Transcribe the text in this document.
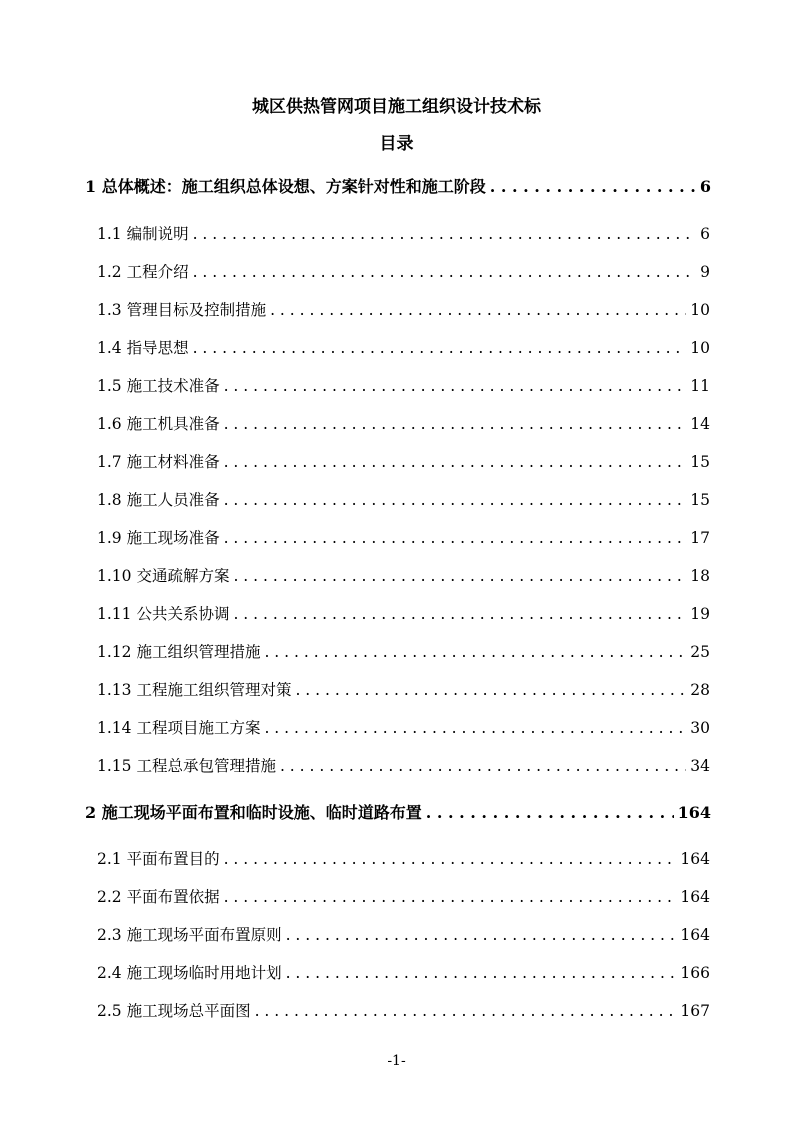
城区供热管网项目施工组织设计技术标
目录
1 总体概述：施工组织总体设想、方案针对性和施工阶段 . . .	6
1.1 编制说明 . . .	6
1.2 工程介绍 . . .	9
1.3 管理目标及控制措施 . . .	10
1.4 指导思想 . . .	10
1.5 施工技术准备 . . .	11
1.6 施工机具准备 . . .	14
1.7 施工材料准备 . . .	15
1.8 施工人员准备 . . .	15
1.9 施工现场准备 . . .	17
1.10 交通疏解方案 . . .	18
1.11 公共关系协调 . . .	19
1.12 施工组织管理措施 . . .	25
1.13 工程施工组织管理对策 . . .	28
1.14 工程项目施工方案 . . .	30
1.15 工程总承包管理措施 . . .	34
2 施工现场平面布置和临时设施、临时道路布置 . . .	164
2.1 平面布置目的 . . .	164
2.2 平面布置依据 . . .	164
2.3 施工现场平面布置原则 . . .	164
2.4 施工现场临时用地计划 . . .	166
2.5 施工现场总平面图 . . .	167
-1-
